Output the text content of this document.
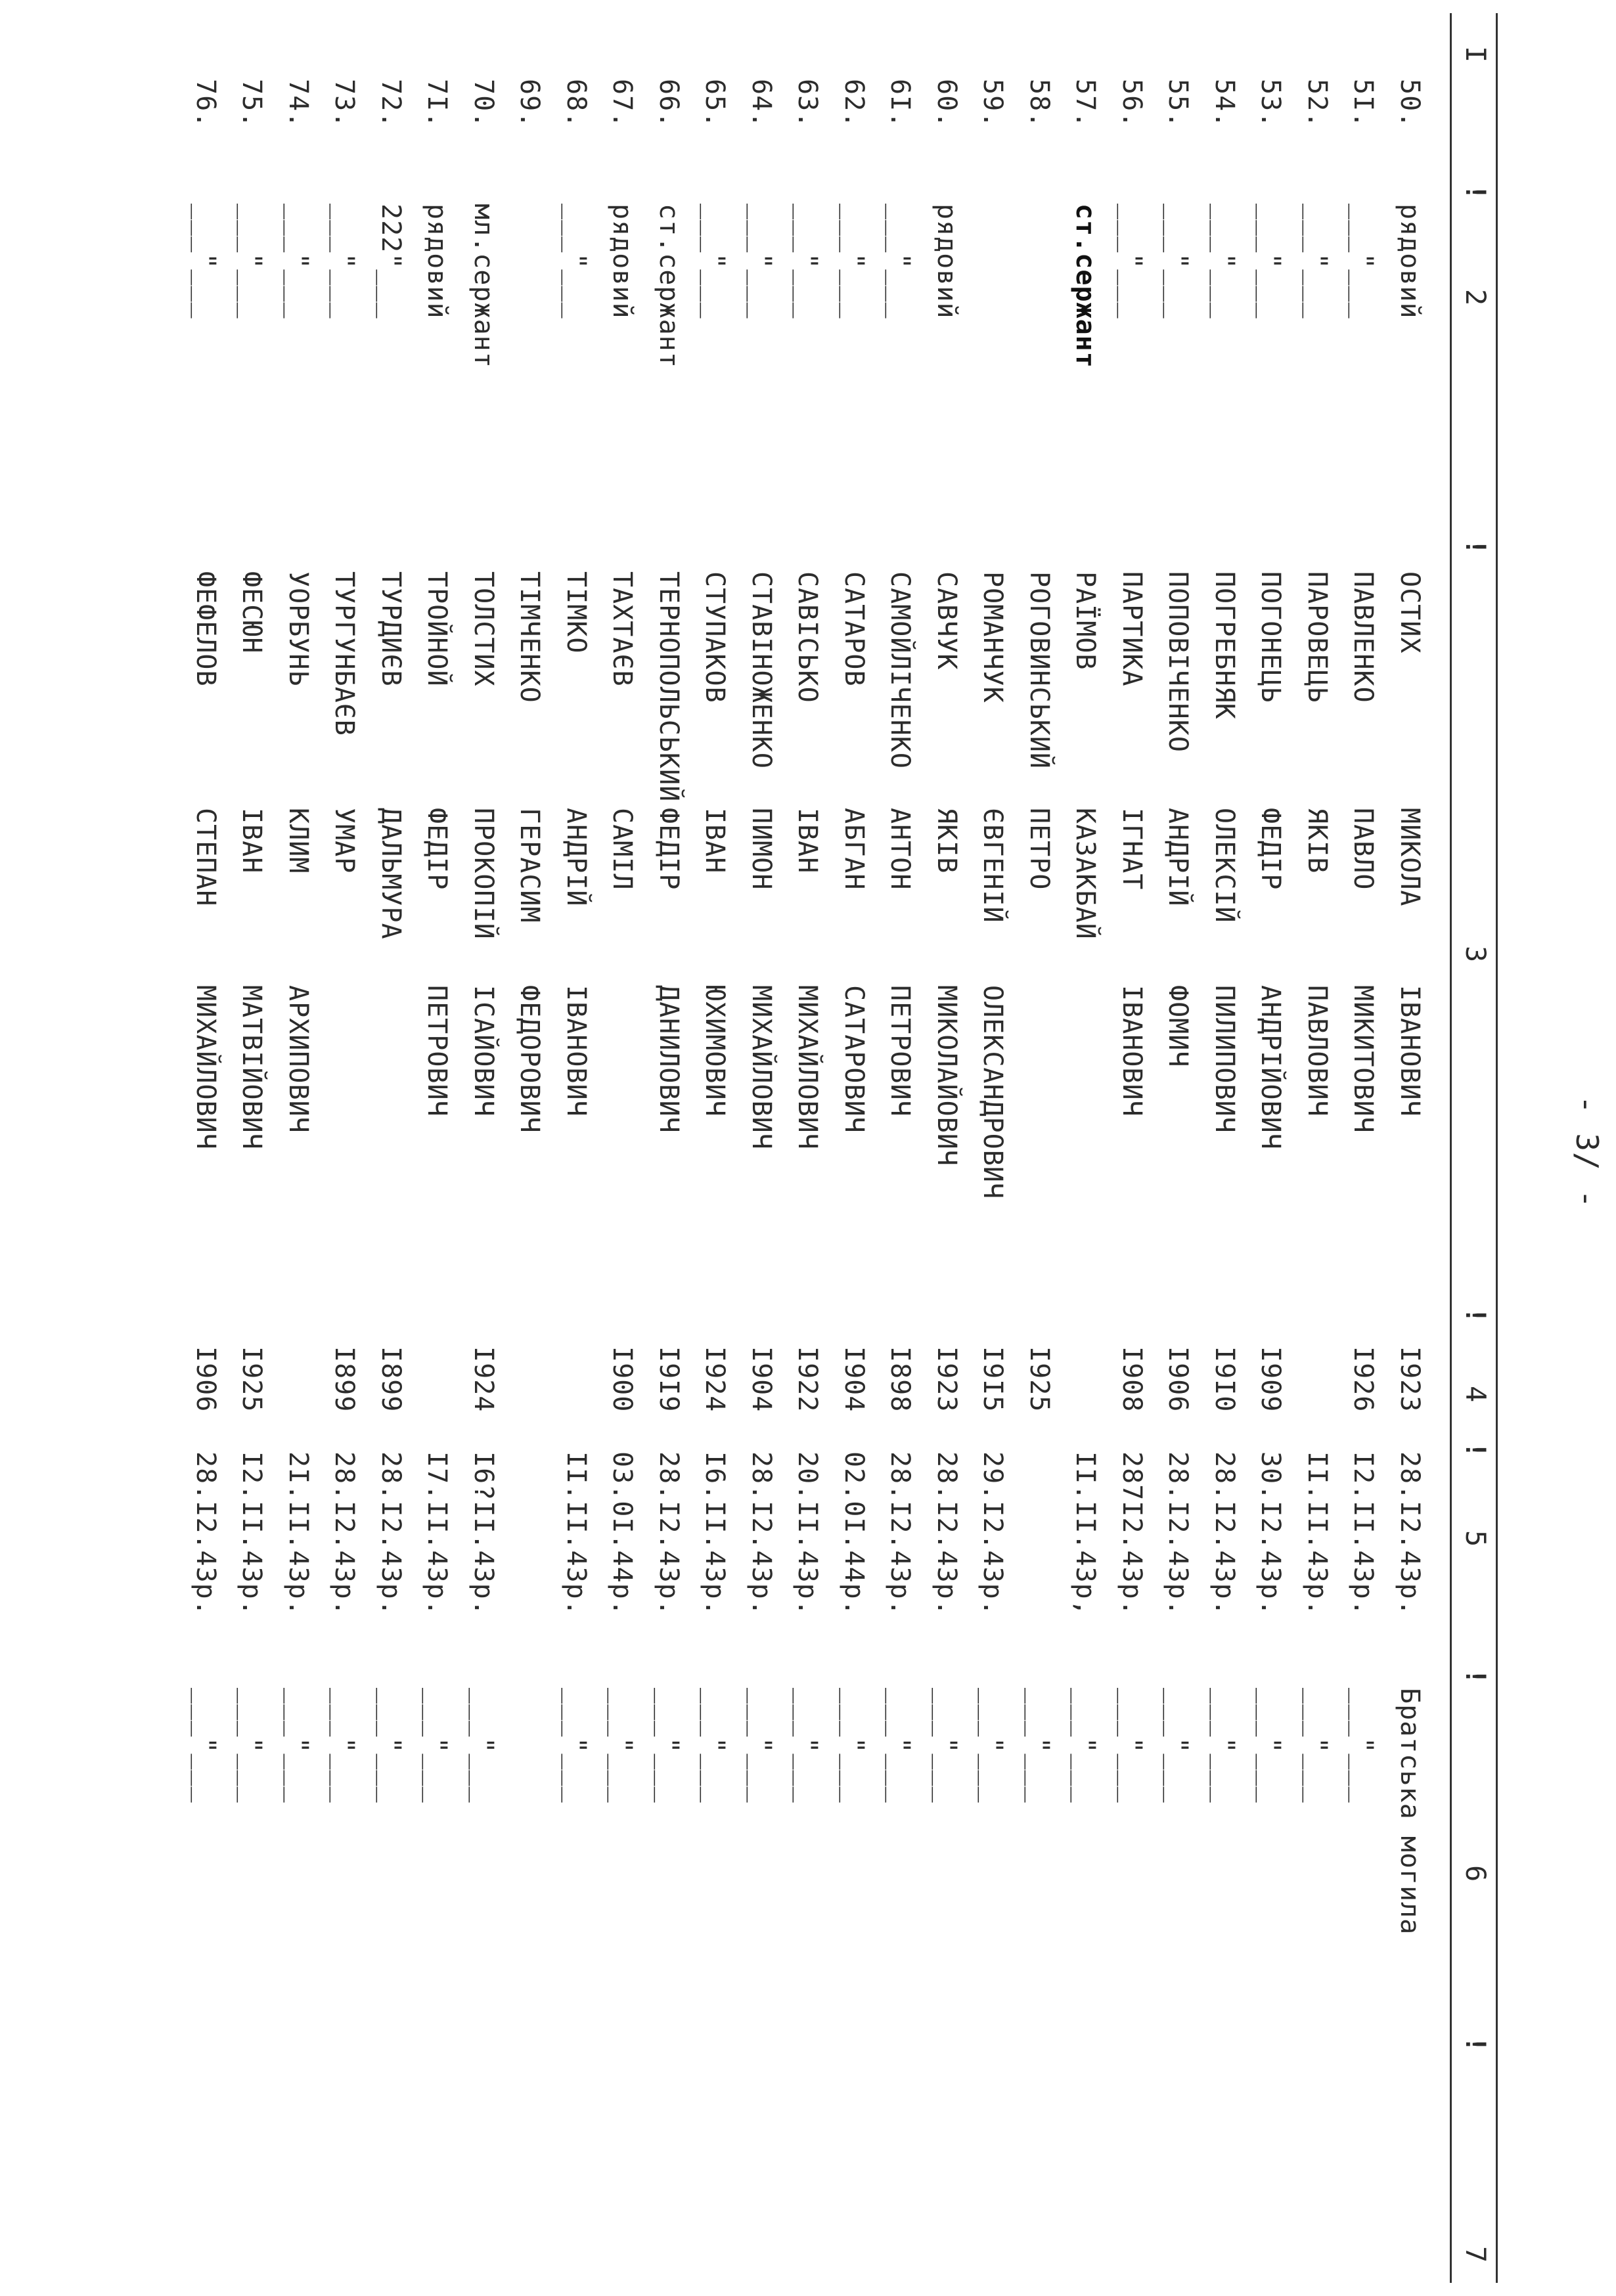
- 3/ -
I
!
2
!
3
!
4
!
5
!
6
!
7
50.
рядовий
І923
28.І2.43р.
Братська могила
ОСТИХ
МИКОЛА
ІВАНОВИЧ
5І.
___"___
І926
І2.ІІ.43р.
___"___
ПАВЛЕНКО
ПАВЛО
МИКИТОВИЧ
52.
___"___
ІІ.ІІ.43р.
___"___
ПАРОВЕЦЬ
ЯКІВ
ПАВЛОВИЧ
53.
___"___
І909
30.І2.43р.
___"___
ПОГОНЕЦЬ
ФЕДІР
АНДРІЙОВИЧ
54.
___"___
І9І0
28.І2.43р.
___"___
ПОГРЕБНЯК
ОЛЕКСІЙ
ПИЛИПОВИЧ
55.
___"___
І906
28.І2.43р.
___"___
ПОПОВІЧЕНКО
АНДРІЙ
ФОМИЧ
56.
___"___
І908
287І2.43р.
___"___
ПАРТИКА
ІГНАТ
ІВАНОВИЧ
57.
ст.сержант
ІІ.ІІ.43р,
___"___
РАЇМОВ
КАЗАКБАЙ
58.
І925
___"___
РОГОВИНСЬКИЙ
ПЕТРО
59.
І9І5
29.І2.43р.
___"___
РОМАНЧУК
ЄВГЕНІЙ
ОЛЕКСАНДРОВИЧ
60.
рядовий
І923
28.І2.43р.
___"___
САВЧУК
ЯКІВ
МИКОЛАЙОВИЧ
6І.
___"___
І898
28.І2.43р.
___"___
САМОЙЛІЧЕНКО
АНТОН
ПЕТРОВИЧ
62.
___"___
І904
02.0І.44р.
___"___
САТАРОВ
АБГАН
САТАРОВИЧ
63.
___"___
І922
20.ІІ.43р.
___"___
САВІСЬКО
ІВАН
МИХАЙЛОВИЧ
64.
___"___
І904
28.І2.43р.
___"___
СТАВІНОЖЕНКО
ПИМОН
МИХАЙЛОВИЧ
65.
___"___
І924
І6.ІІ.43р.
___"___
СТУПАКОВ
ІВАН
ЮХИМОВИЧ
66.
ст.сержант
І9І9
28.І2.43р.
___"___
ТЕРНОПОЛЬСЬКИЙ
ФЕДІР
ДАНИЛОВИЧ
67.
рядовий
І900
03.0І.44р.
___"___
ТАХТАЄВ
САМІЛ
68.
___"___
ІІ.ІІ.43р.
___"___
ТІМКО
АНДРІЙ
ІВАНОВИЧ
69.
ТІМЧЕНКО
ГЕРАСИМ
ФЕДОРОВИЧ
70.
мл.сержант
І924
І6?ІІ.43р.
___"___
ТОЛСТИХ
ПРОКОПІЙ
ІСАЙОВИЧ
7І.
рядовий
І7.ІІ.43р.
___"___
ТРОЙНОЙ
ФЕДІР
ПЕТРОВИЧ
72.
222"___
І899
28.І2.43р.
___"___
ТУРДИЄВ
ДАЛЬМУРА
73.
___"___
І899
28.І2.43р.
___"___
ТУРГУНБАЄВ
УМАР
74.
___"___
2І.ІІ.43р.
___"___
УОРБУНЬ
КЛИМ
АРХИПОВИЧ
75.
___"___
І925
І2.ІІ.43р.
___"___
ФЕСЮН
ІВАН
МАТВІЙОВИЧ
76.
___"___
І906
28.І2.43р.
___"___
ФЕФЕЛОВ
СТЕПАН
МИХАЙЛОВИЧ
